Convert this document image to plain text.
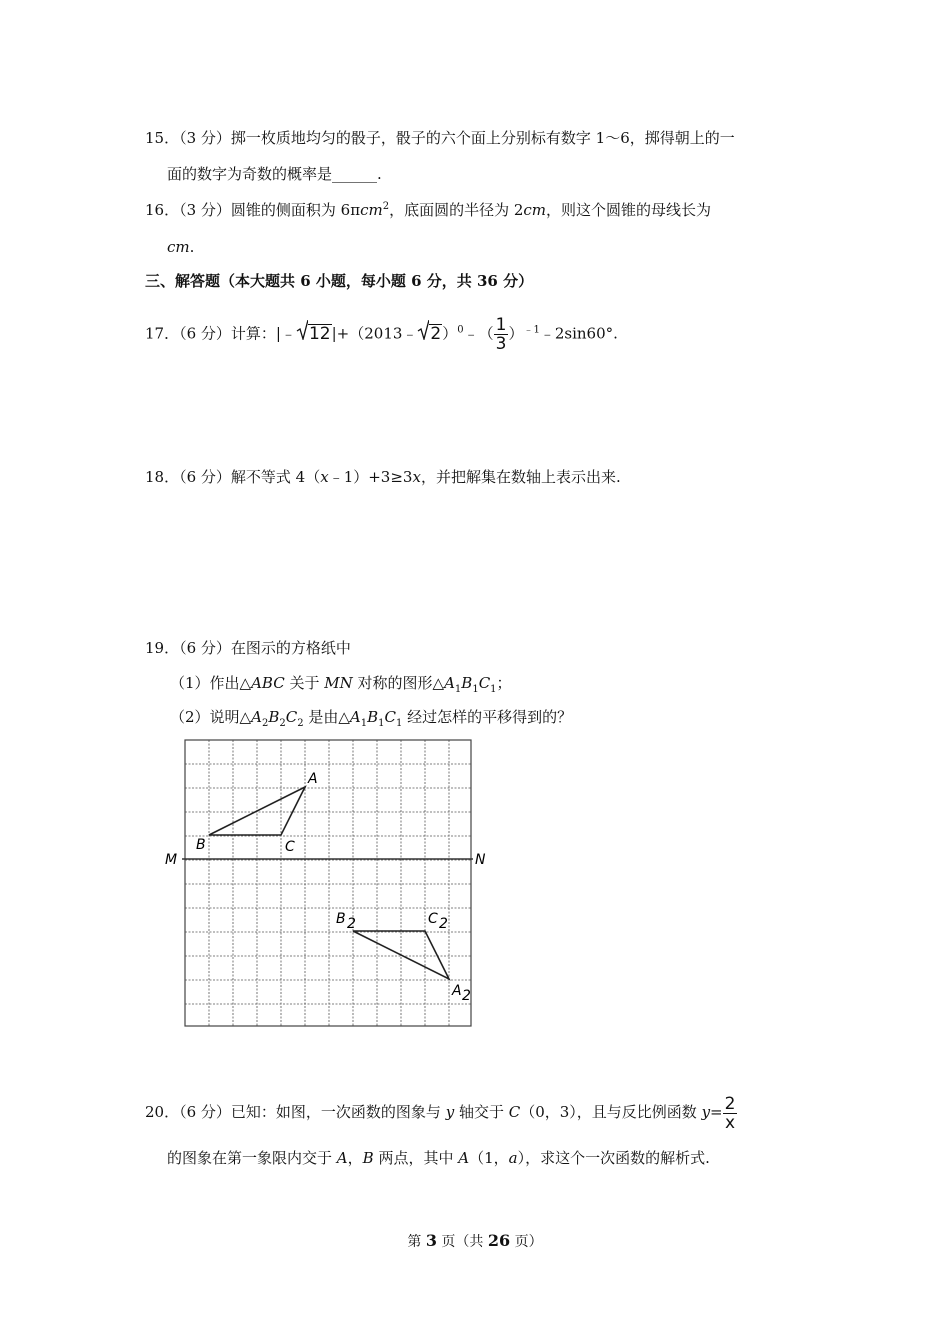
15．（3 分）掷一枚质地均匀的骰子，骰子的六个面上分别标有数字 1～6，掷得朝上的一
面的数字为奇数的概率是______.
16．（3 分）圆锥的侧面积为 6πcm$^2$，底面圆的半径为 2cm，则这个圆锥的母线长为
cm.
三、解答题（本大题共 6 小题，每小题 6 分，共 36 分）
17．（6 分）计算：|﹣ 12|+（2013﹣ 2）$^0$﹣（ $\frac{1}{3}$ ）$^{﹣1}$﹣2sin60°.
18．（6 分）解不等式 4（x﹣1）+3≥3x，并把解集在数轴上表示出来.
19．（6 分）在图示的方格纸中
（1）作出△ABC 关于 MN 对称的图形$\triangle A_1B_1C_1$；
（2）说明$\triangle A_2B_2C_2$ 是由$\triangle A_1B_1C_1$ 经过怎样的平移得到的？
A
B	C
M	N
B 2	C 2
A 2
20．（6 分）已知：如图，一次函数的图象与 y 轴交于 C（0，3），且与反比例函数 $y= \frac{2}{x}$
的图象在第一象限内交于 A，B 两点，其中 A（1，a），求这个一次函数的解析式.
第 3 页（共 26 页）
